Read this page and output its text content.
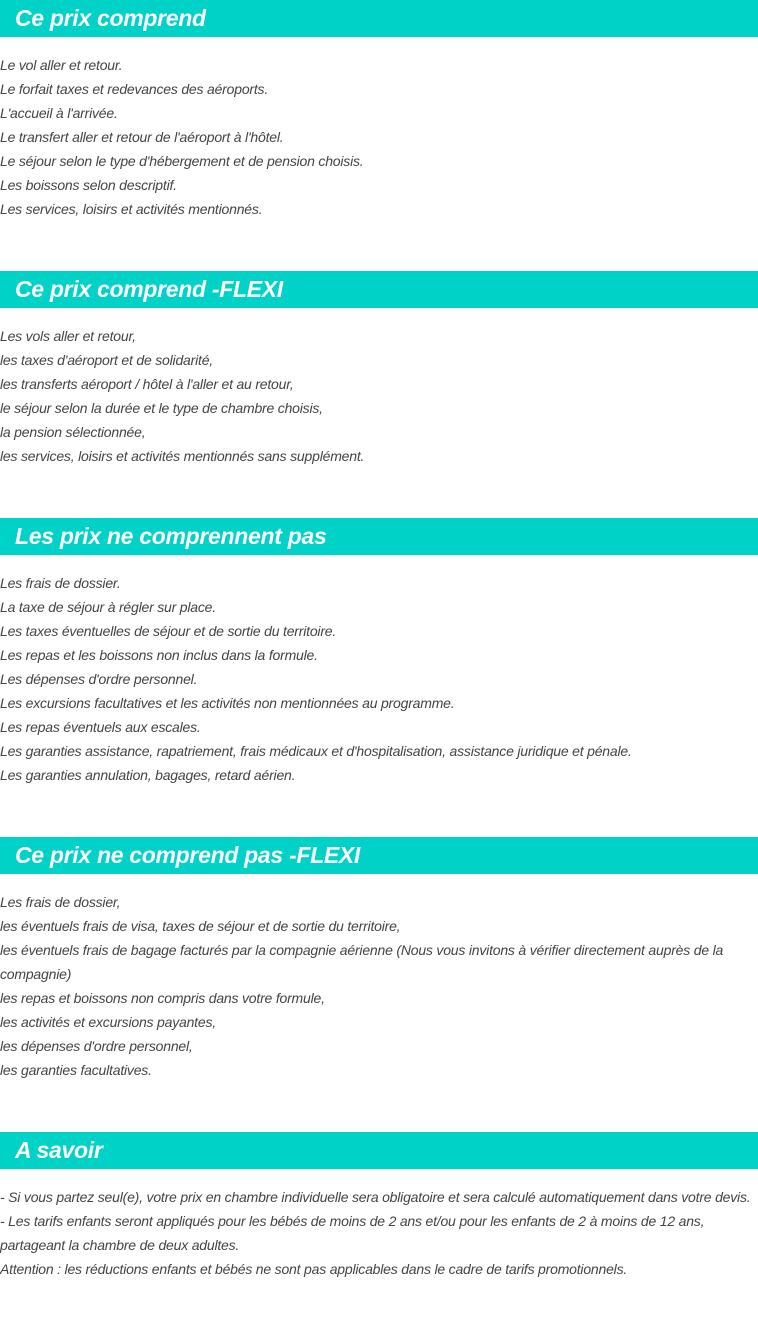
Ce prix comprend
Le vol aller et retour.
Le forfait taxes et redevances des aéroports.
L'accueil à l'arrivée.
Le transfert aller et retour de l'aéroport à l'hôtel.
Le séjour selon le type d'hébergement et de pension choisis.
Les boissons selon descriptif.
Les services, loisirs et activités mentionnés.
Ce prix comprend -FLEXI
Les vols aller et retour,
les taxes d'aéroport et de solidarité,
les transferts aéroport / hôtel à l'aller et au retour,
le séjour selon la durée et le type de chambre choisis,
la pension sélectionnée,
les services, loisirs et activités mentionnés sans supplément.
Les prix ne comprennent pas
Les frais de dossier.
La taxe de séjour à régler sur place.
Les taxes éventuelles de séjour et de sortie du territoire.
Les repas et les boissons non inclus dans la formule.
Les dépenses d'ordre personnel.
Les excursions facultatives et les activités non mentionnées au programme.
Les repas éventuels aux escales.
Les garanties assistance, rapatriement, frais médicaux et d'hospitalisation, assistance juridique et pénale.
Les garanties annulation, bagages, retard aérien.
Ce prix ne comprend pas -FLEXI
Les frais de dossier,
les éventuels frais de visa, taxes de séjour et de sortie du territoire,
les éventuels frais de bagage facturés par la compagnie aérienne (Nous vous invitons à vérifier directement auprès de la compagnie)
les repas et boissons non compris dans votre formule,
les activités et excursions payantes,
les dépenses d'ordre personnel,
les garanties facultatives.
A savoir
- Si vous partez seul(e), votre prix en chambre individuelle sera obligatoire et sera calculé automatiquement dans votre devis.
- Les tarifs enfants seront appliqués pour les bébés de moins de 2 ans et/ou pour les enfants de 2 à moins de 12 ans, partageant la chambre de deux adultes.
Attention : les réductions enfants et bébés ne sont pas applicables dans le cadre de tarifs promotionnels.
